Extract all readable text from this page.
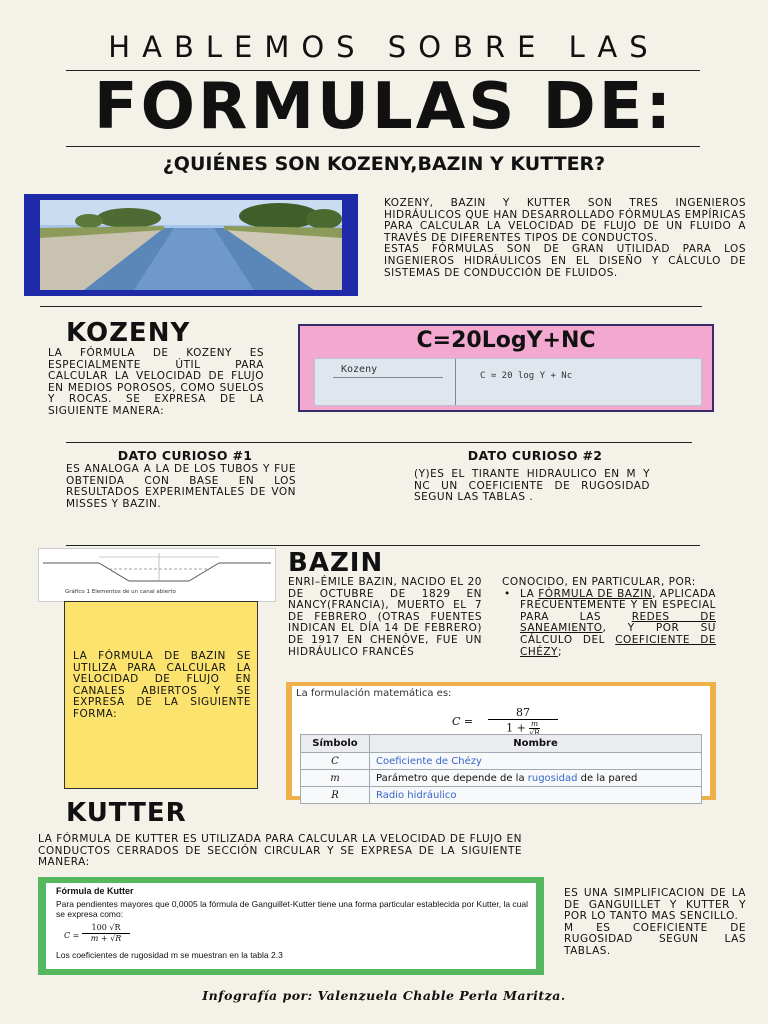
HABLEMOS SOBRE LAS
FORMULAS DE:
¿QUIÉNES SON KOZENY,BAZIN Y KUTTER?
KOZENY, BAZIN Y KUTTER SON TRES INGENIEROS HIDRÁULICOS QUE HAN DESARROLLADO FÓRMULAS EMPÍRICAS PARA CALCULAR LA VELOCIDAD DE FLUJO DE UN FLUIDO A TRAVÉS DE DIFERENTES TIPOS DE CONDUCTOS.
ESTAS FÓRMULAS SON DE GRAN UTILIDAD PARA LOS INGENIEROS HIDRÁULICOS EN EL DISEÑO Y CÁLCULO DE SISTEMAS DE CONDUCCIÓN DE FLUIDOS.
KOZENY
LA FÓRMULA DE KOZENY ES ESPECIALMENTE ÚTIL PARA CALCULAR LA VELOCIDAD DE FLUJO EN MEDIOS POROSOS, COMO SUELOS Y ROCAS. SE EXPRESA DE LA SIGUIENTE MANERA:
C=20LogY+NC
Kozeny
C = 20 log Y + Nc
DATO CURIOSO #1
ES ANALOGA A LA DE LOS TUBOS Y FUE OBTENIDA CON BASE EN LOS RESULTADOS EXPERIMENTALES DE VON MISSES Y BAZIN.
DATO CURIOSO #2
(Y)ES EL TIRANTE HIDRAULICO EN M Y NC UN COEFICIENTE DE RUGOSIDAD SEGUN LAS TABLAS .
Gráfico 1 Elementos de un canal abierto
BAZIN
ENRI–ÉMILE BAZIN, NACIDO EL 20 DE OCTUBRE DE 1829 EN NANCY(FRANCIA), MUERTO EL 7 DE FEBRERO (OTRAS FUENTES INDICAN EL DÍA 14 DE FEBRERO) DE 1917 EN CHENÔVE, FUE UN HIDRÁULICO FRANCÉS
CONOCIDO, EN PARTICULAR, POR:
• LA FÓRMULA DE BAZIN, APLICADA FRECUENTEMENTE Y EN ESPECIAL PARA LAS REDES DE SANEAMIENTO, Y POR SU CÁLCULO DEL COEFICIENTE DE CHÉZY;
LA FÓRMULA DE BAZIN SE UTILIZA PARA CALCULAR LA VELOCIDAD DE FLUJO EN CANALES ABIERTOS Y SE EXPRESA DE LA SIGUIENTE FORMA:
La formulación matemática es:
$C = \frac{87}{1 + \frac{m}{√R}}$
Símbolo	Nombre
C	Coeficiente de Chézy
m	Parámetro que depende de la rugosidad de la pared
R	Radio hidráulico
KUTTER
LA FÓRMULA DE KUTTER ES UTILIZADA PARA CALCULAR LA VELOCIDAD DE FLUJO EN CONDUCTOS CERRADOS DE SECCIÓN CIRCULAR Y SE EXPRESA DE LA SIGUIENTE MANERA:
Fórmula de Kutter
Para pendientes mayores que 0,0005 la fórmula de Ganguillet-Kutter tiene una forma particular establecida por Kutter, la cual se expresa como:
$C = \frac{100 √R}{m + √R}$
Los coeficientes de rugosidad m se muestran en la tabla 2.3
ES UNA SIMPLIFICACION DE LA DE GANGUILLET Y KUTTER Y POR LO TANTO MAS SENCILLO.
M ES COEFICIENTE DE RUGOSIDAD SEGUN LAS TABLAS.
Infografía por: Valenzuela Chable Perla Maritza.
